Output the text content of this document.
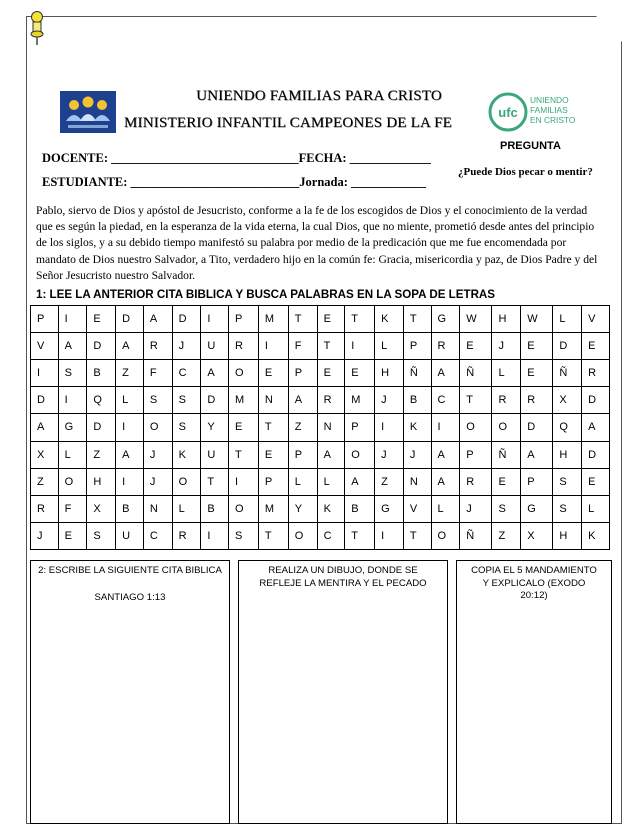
ufc
UNIENDO
FAMILIAS
EN CRISTO
UNIENDO FAMILIAS PARA CRISTO
MINISTERIO INFANTIL CAMPEONES DE LA FE
PREGUNTA
¿Puede Dios pecar o mentir?
DOCENTE: ______________________________FECHA: _____________
ESTUDIANTE: ___________________________Jornada: ____________
Pablo, siervo de Dios y apóstol de Jesucristo, conforme a la fe de los escogidos de Dios y el conocimiento de la verdad que es según la piedad, en la esperanza de la vida eterna, la cual Dios, que no miente, prometió desde antes del principio de los siglos, y a su debido tiempo manifestó su palabra por medio de la predicación que me fue encomendada por mandato de Dios nuestro Salvador, a Tito, verdadero hijo en la común fe: Gracia, misericordia y paz, de Dios Padre y del Señor Jesucristo nuestro Salvador.
1: LEE LA ANTERIOR CITA BIBLICA Y BUSCA PALABRAS EN LA SOPA DE LETRAS
P	I	E	D	A	D	I	P	M	T	E	T	K	T	G	W	H	W	L	V
V	A	D	A	R	J	U	R	I	F	T	I	L	P	R	E	J	E	D	E
I	S	B	Z	F	C	A	O	E	P	E	E	H	Ñ	A	Ñ	L	E	Ñ	R
D	I	Q	L	S	S	D	M	N	A	R	M	J	B	C	T	R	R	X	D
A	G	D	I	O	S	Y	E	T	Z	N	P	I	K	I	O	O	D	Q	A
X	L	Z	A	J	K	U	T	E	P	A	O	J	J	A	P	Ñ	A	H	D
Z	O	H	I	J	O	T	I	P	L	L	A	Z	N	A	R	E	P	S	E
R	F	X	B	N	L	B	O	M	Y	K	B	G	V	L	J	S	G	S	L
J	E	S	U	C	R	I	S	T	O	C	T	I	T	O	Ñ	Z	X	H	K
2: ESCRIBE LA SIGUIENTE CITA BIBLICA
SANTIAGO 1:13
REALIZA UN DIBUJO, DONDE SE REFLEJE LA MENTIRA Y EL PECADO
COPIA EL 5 MANDAMIENTO Y EXPLICALO (EXODO 20:12)
